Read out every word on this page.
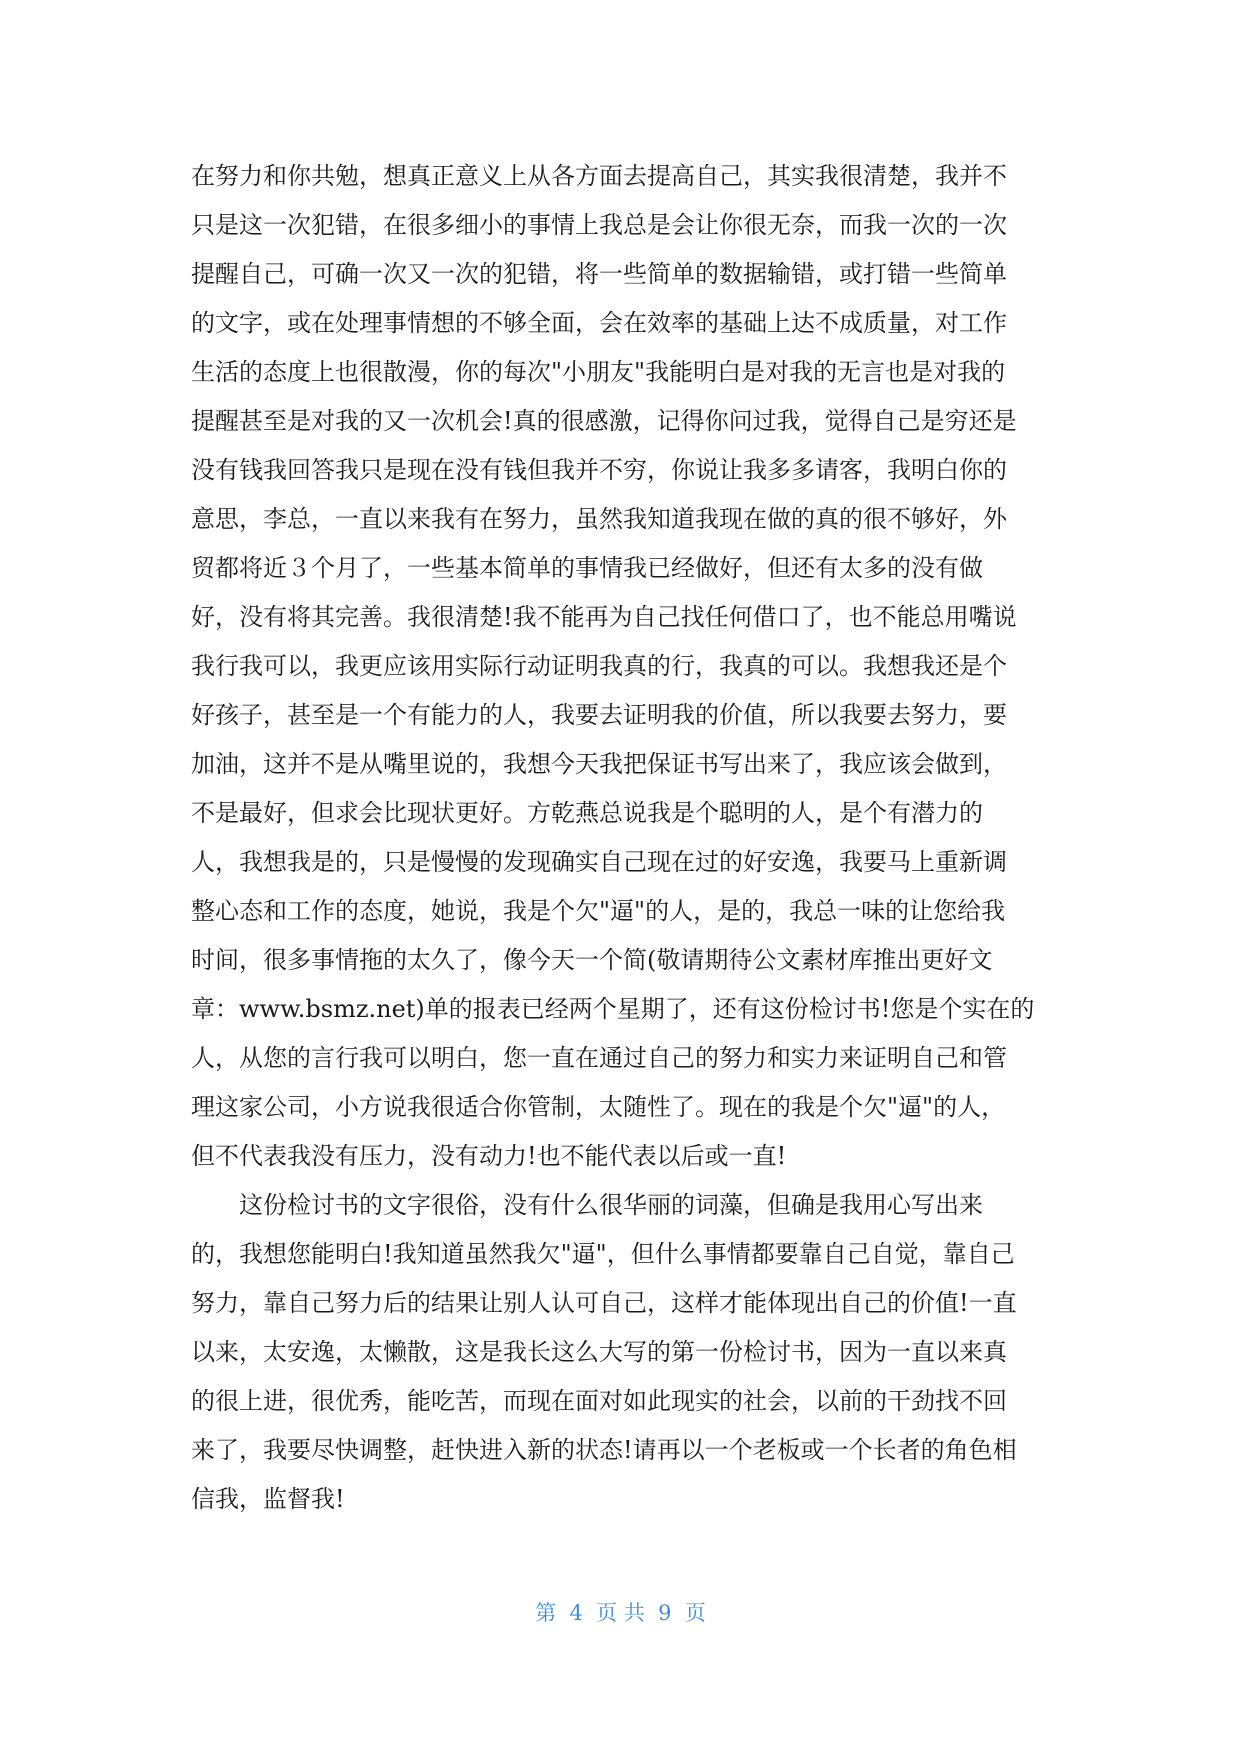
在努力和你共勉，想真正意义上从各方面去提高自己，其实我很清楚，我并不
只是这一次犯错，在很多细小的事情上我总是会让你很无奈，而我一次的一次
提醒自己，可确一次又一次的犯错，将一些简单的数据输错，或打错一些简单
的文字，或在处理事情想的不够全面，会在效率的基础上达不成质量，对工作
生活的态度上也很散漫，你的每次"小朋友"我能明白是对我的无言也是对我的
提醒甚至是对我的又一次机会!真的很感激，记得你问过我，觉得自己是穷还是
没有钱我回答我只是现在没有钱但我并不穷，你说让我多多请客，我明白你的
意思，李总，一直以来我有在努力，虽然我知道我现在做的真的很不够好，外
贸都将近３个月了，一些基本简单的事情我已经做好，但还有太多的没有做
好，没有将其完善。我很清楚!我不能再为自己找任何借口了，也不能总用嘴说
我行我可以，我更应该用实际行动证明我真的行，我真的可以。我想我还是个
好孩子，甚至是一个有能力的人，我要去证明我的价值，所以我要去努力，要
加油，这并不是从嘴里说的，我想今天我把保证书写出来了，我应该会做到，
不是最好，但求会比现状更好。方乾燕总说我是个聪明的人，是个有潜力的
人，我想我是的，只是慢慢的发现确实自己现在过的好安逸，我要马上重新调
整心态和工作的态度，她说，我是个欠"逼"的人，是的，我总一味的让您给我
时间，很多事情拖的太久了，像今天一个简(敬请期待公文素材库推出更好文
章：www.bsmz.net)单的报表已经两个星期了，还有这份检讨书!您是个实在的
人，从您的言行我可以明白，您一直在通过自己的努力和实力来证明自己和管
理这家公司，小方说我很适合你管制，太随性了。现在的我是个欠"逼"的人，
但不代表我没有压力，没有动力!也不能代表以后或一直!
这份检讨书的文字很俗，没有什么很华丽的词藻，但确是我用心写出来
的，我想您能明白!我知道虽然我欠"逼"，但什么事情都要靠自己自觉，靠自己
努力，靠自己努力后的结果让别人认可自己，这样才能体现出自己的价值!一直
以来，太安逸，太懒散，这是我长这么大写的第一份检讨书，因为一直以来真
的很上进，很优秀，能吃苦，而现在面对如此现实的社会，以前的干劲找不回
来了，我要尽快调整，赶快进入新的状态!请再以一个老板或一个长者的角色相
信我，监督我!
第  4  页 共  9  页
